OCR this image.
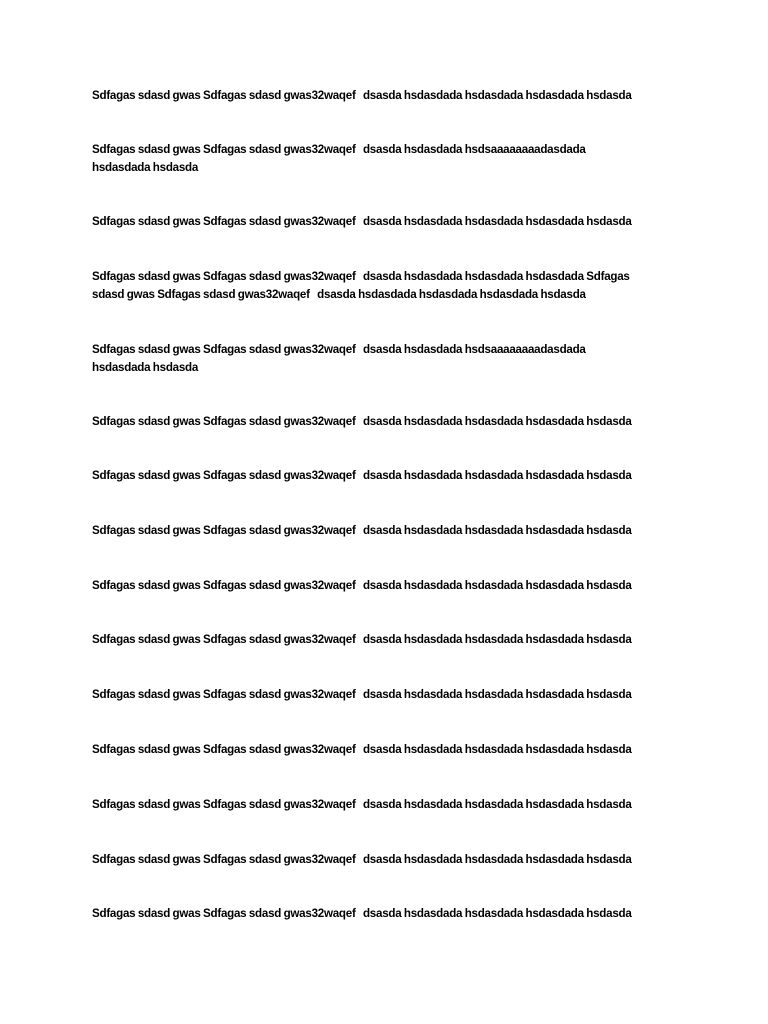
Sdfagas sdasd gwas Sdfagas sdasd gwas32waqef   dsasda hsdasdada hsdasdada hsdasdada hsdasda

Sdfagas sdasd gwas Sdfagas sdasd gwas32waqef   dsasda hsdasdada hsdsaaaaaaaadasdada
hsdasdada hsdasda

Sdfagas sdasd gwas Sdfagas sdasd gwas32waqef   dsasda hsdasdada hsdasdada hsdasdada hsdasda

Sdfagas sdasd gwas Sdfagas sdasd gwas32waqef   dsasda hsdasdada hsdasdada hsdasdada Sdfagas
sdasd gwas Sdfagas sdasd gwas32waqef   dsasda hsdasdada hsdasdada hsdasdada hsdasda

Sdfagas sdasd gwas Sdfagas sdasd gwas32waqef   dsasda hsdasdada hsdsaaaaaaaadasdada
hsdasdada hsdasda

Sdfagas sdasd gwas Sdfagas sdasd gwas32waqef   dsasda hsdasdada hsdasdada hsdasdada hsdasda

Sdfagas sdasd gwas Sdfagas sdasd gwas32waqef   dsasda hsdasdada hsdasdada hsdasdada hsdasda

Sdfagas sdasd gwas Sdfagas sdasd gwas32waqef   dsasda hsdasdada hsdasdada hsdasdada hsdasda

Sdfagas sdasd gwas Sdfagas sdasd gwas32waqef   dsasda hsdasdada hsdasdada hsdasdada hsdasda

Sdfagas sdasd gwas Sdfagas sdasd gwas32waqef   dsasda hsdasdada hsdasdada hsdasdada hsdasda

Sdfagas sdasd gwas Sdfagas sdasd gwas32waqef   dsasda hsdasdada hsdasdada hsdasdada hsdasda

Sdfagas sdasd gwas Sdfagas sdasd gwas32waqef   dsasda hsdasdada hsdasdada hsdasdada hsdasda

Sdfagas sdasd gwas Sdfagas sdasd gwas32waqef   dsasda hsdasdada hsdasdada hsdasdada hsdasda

Sdfagas sdasd gwas Sdfagas sdasd gwas32waqef   dsasda hsdasdada hsdasdada hsdasdada hsdasda

Sdfagas sdasd gwas Sdfagas sdasd gwas32waqef   dsasda hsdasdada hsdasdada hsdasdada hsdasda
